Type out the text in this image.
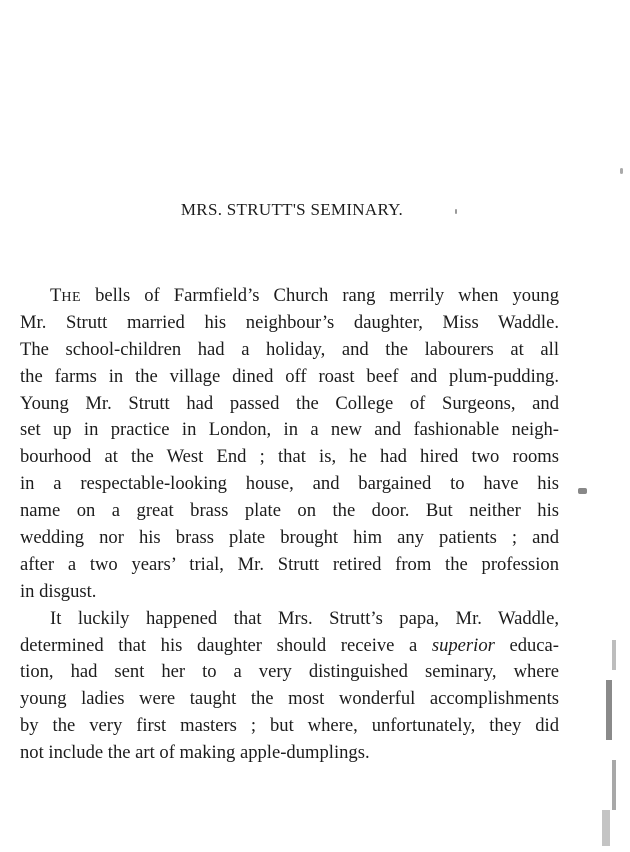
MRS. STRUTT'S SEMINARY.
THE bells of Farmfield’s Church rang merrily when young
Mr. Strutt married his neighbour’s daughter, Miss Waddle.
The school-children had a holiday, and the labourers at all
the farms in the village dined off roast beef and plum-pudding.
Young Mr. Strutt had passed the College of Surgeons, and
set up in practice in London, in a new and fashionable neigh-
bourhood at the West End ; that is, he had hired two rooms
in a respectable-looking house, and bargained to have his
name on a great brass plate on the door. But neither his
wedding nor his brass plate brought him any patients ; and
after a two years’ trial, Mr. Strutt retired from the profession
in disgust.
It luckily happened that Mrs. Strutt’s papa, Mr. Waddle,
determined that his daughter should receive a superior educa-
tion, had sent her to a very distinguished seminary, where
young ladies were taught the most wonderful accomplishments
by the very first masters ; but where, unfortunately, they did
not include the art of making apple-dumplings.
